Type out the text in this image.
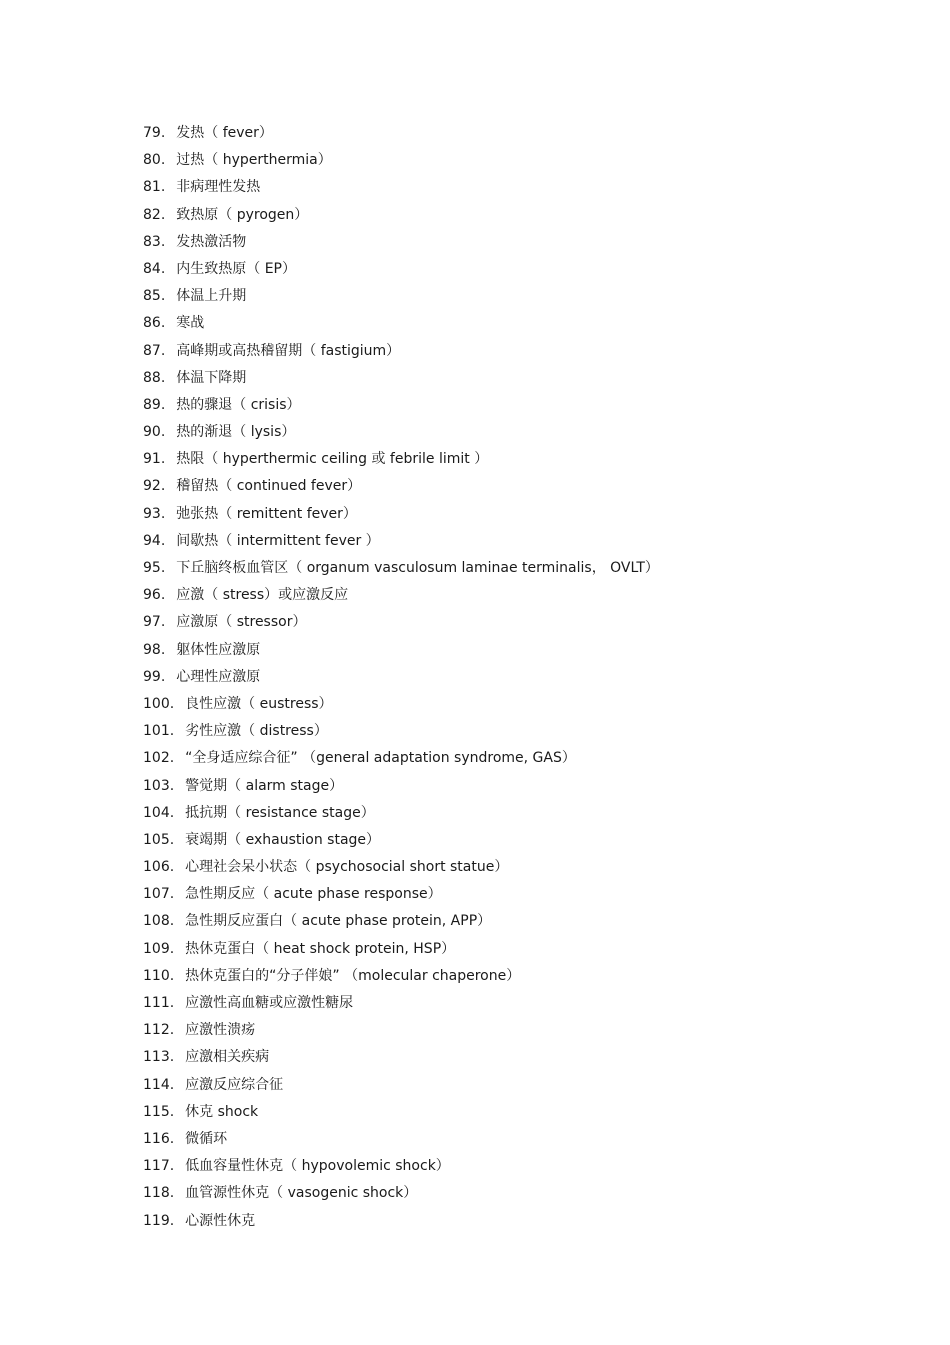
79. 发热（ fever）
80. 过热（ hyperthermia）
81. 非病理性发热
82. 致热原（ pyrogen）
83. 发热激活物
84. 内生致热原（ EP）
85. 体温上升期
86. 寒战
87. 高峰期或高热稽留期（ fastigium）
88. 体温下降期
89. 热的骤退（ crisis）
90. 热的渐退（ lysis）
91. 热限（ hyperthermic ceiling 或 febrile limit ）
92. 稽留热（ continued fever）
93. 弛张热（ remittent fever）
94. 间歇热（ intermittent fever ）
95. 下丘脑终板血管区（ organum vasculosum laminae terminalis， OVLT）
96. 应激（ stress）或应激反应
97. 应激原（ stressor）
98. 躯体性应激原
99. 心理性应激原
100. 良性应激（ eustress）
101. 劣性应激（ distress）
102. “全身适应综合征” （general adaptation syndrome, GAS）
103. 警觉期（ alarm stage）
104. 抵抗期（ resistance stage）
105. 衰竭期（ exhaustion stage）
106. 心理社会呆小状态（ psychosocial short statue）
107. 急性期反应（ acute phase response）
108. 急性期反应蛋白（ acute phase protein, APP）
109. 热休克蛋白（ heat shock protein, HSP）
110. 热休克蛋白的“分子伴娘” （molecular chaperone）
111. 应激性高血糖或应激性糖尿
112. 应激性溃疡
113. 应激相关疾病
114. 应激反应综合征
115. 休克 shock
116. 微循环
117. 低血容量性休克（ hypovolemic shock）
118. 血管源性休克（ vasogenic shock）
119. 心源性休克
